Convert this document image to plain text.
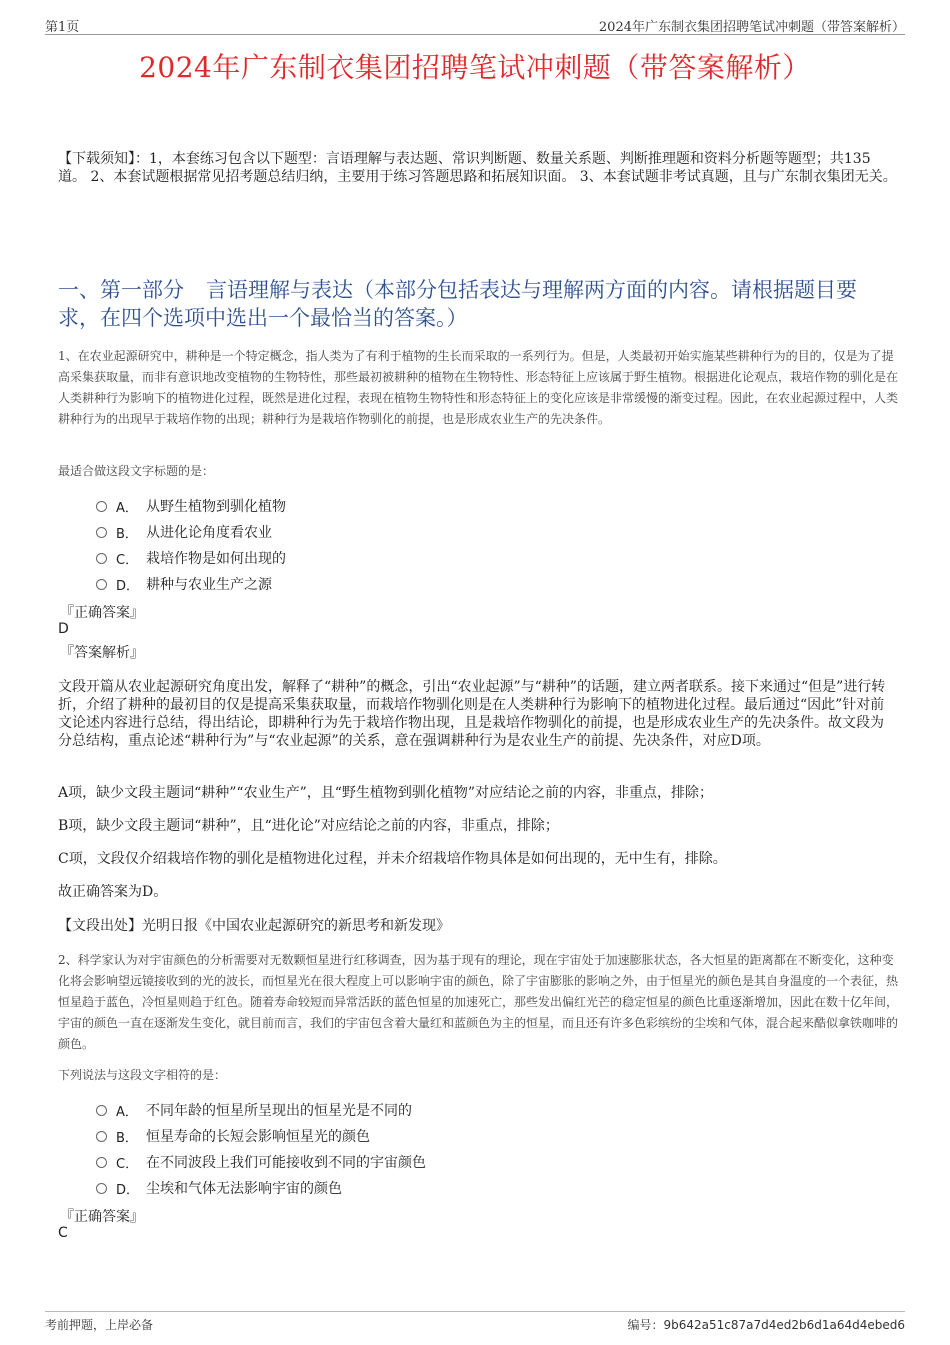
第1页	2024年广东制衣集团招聘笔试冲刺题（带答案解析）
2024年广东制衣集团招聘笔试冲刺题（带答案解析）
【下载须知】：1，本套练习包含以下题型：言语理解与表达题、常识判断题、数量关系题、判断推理题和资料分析题等题型；共135道。 2、本套试题根据常见招考题总结归纳，主要用于练习答题思路和拓展知识面。 3、本套试题非考试真题，且与广东制衣集团无关。
一、第一部分 言语理解与表达（本部分包括表达与理解两方面的内容。请根据题目要求，在四个选项中选出一个最恰当的答案。）
1、在农业起源研究中，耕种是一个特定概念，指人类为了有利于植物的生长而采取的一系列行为。但是，人类最初开始实施某些耕种行为的目的，仅是为了提高采集获取量，而非有意识地改变植物的生物特性，那些最初被耕种的植物在生物特性、形态特征上应该属于野生植物。根据进化论观点，栽培作物的驯化是在人类耕种行为影响下的植物进化过程，既然是进化过程，表现在植物生物特性和形态特征上的变化应该是非常缓慢的渐变过程。因此，在农业起源过程中，人类耕种行为的出现早于栽培作物的出现；耕种行为是栽培作物驯化的前提，也是形成农业生产的先决条件。
最适合做这段文字标题的是：
A． 从野生植物到驯化植物
B． 从进化论角度看农业
C． 栽培作物是如何出现的
D． 耕种与农业生产之源
『正确答案』
D
『答案解析』
文段开篇从农业起源研究角度出发，解释了“耕种”的概念，引出“农业起源”与“耕种”的话题，建立两者联系。接下来通过“但是”进行转折，介绍了耕种的最初目的仅是提高采集获取量，而栽培作物驯化则是在人类耕种行为影响下的植物进化过程。最后通过“因此”针对前文论述内容进行总结，得出结论，即耕种行为先于栽培作物出现，且是栽培作物驯化的前提，也是形成农业生产的先决条件。故文段为分总结构，重点论述“耕种行为”与“农业起源”的关系，意在强调耕种行为是农业生产的前提、先决条件，对应D项。
A项，缺少文段主题词“耕种”“农业生产”，且“野生植物到驯化植物”对应结论之前的内容，非重点，排除；
B项，缺少文段主题词“耕种”，且“进化论”对应结论之前的内容，非重点，排除；
C项，文段仅介绍栽培作物的驯化是植物进化过程，并未介绍栽培作物具体是如何出现的，无中生有，排除。
故正确答案为D。
【文段出处】光明日报《中国农业起源研究的新思考和新发现》
2、科学家认为对宇宙颜色的分析需要对无数颗恒星进行红移调查，因为基于现有的理论，现在宇宙处于加速膨胀状态，各大恒星的距离都在不断变化，这种变化将会影响望远镜接收到的光的波长，而恒星光在很大程度上可以影响宇宙的颜色，除了宇宙膨胀的影响之外，由于恒星光的颜色是其自身温度的一个表征，热恒星趋于蓝色，冷恒星则趋于红色。随着寿命较短而异常活跃的蓝色恒星的加速死亡，那些发出偏红光芒的稳定恒星的颜色比重逐渐增加，因此在数十亿年间，宇宙的颜色一直在逐渐发生变化，就目前而言，我们的宇宙包含着大量红和蓝颜色为主的恒星，而且还有许多色彩缤纷的尘埃和气体，混合起来酷似拿铁咖啡的颜色。
下列说法与这段文字相符的是：
A． 不同年龄的恒星所呈现出的恒星光是不同的
B． 恒星寿命的长短会影响恒星光的颜色
C． 在不同波段上我们可能接收到不同的宇宙颜色
D． 尘埃和气体无法影响宇宙的颜色
『正确答案』
C
考前押题，上岸必备	编号：9b642a51c87a7d4ed2b6d1a64d4ebed6
